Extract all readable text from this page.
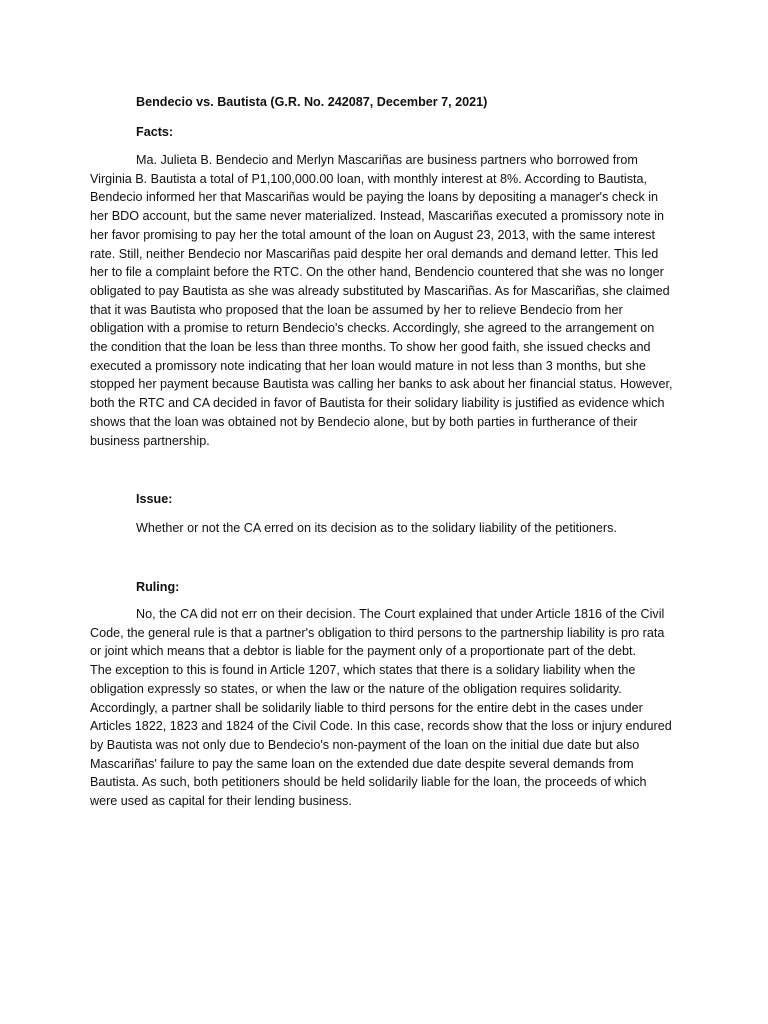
Bendecio vs. Bautista (G.R. No. 242087, December 7, 2021)

Facts:

Ma. Julieta B. Bendecio and Merlyn Mascariñas are business partners who borrowed from
Virginia B. Bautista a total of P1,100,000.00 loan, with monthly interest at 8%. According to Bautista,
Bendecio informed her that Mascariñas would be paying the loans by depositing a manager's check in
her BDO account, but the same never materialized. Instead, Mascariñas executed a promissory note in
her favor promising to pay her the total amount of the loan on August 23, 2013, with the same interest
rate. Still, neither Bendecio nor Mascariñas paid despite her oral demands and demand letter. This led
her to file a complaint before the RTC. On the other hand, Bendencio countered that she was no longer
obligated to pay Bautista as she was already substituted by Mascariñas. As for Mascariñas, she claimed
that it was Bautista who proposed that the loan be assumed by her to relieve Bendecio from her
obligation with a promise to return Bendecio's checks. Accordingly, she agreed to the arrangement on
the condition that the loan be less than three months. To show her good faith, she issued checks and
executed a promissory note indicating that her loan would mature in not less than 3 months, but she
stopped her payment because Bautista was calling her banks to ask about her financial status. However,
both the RTC and CA decided in favor of Bautista for their solidary liability is justified as evidence which
shows that the loan was obtained not by Bendecio alone, but by both parties in furtherance of their
business partnership.

Issue:

Whether or not the CA erred on its decision as to the solidary liability of the petitioners.

Ruling:

No, the CA did not err on their decision. The Court explained that under Article 1816 of the Civil
Code, the general rule is that a partner's obligation to third persons to the partnership liability is pro rata
or joint which means that a debtor is liable for the payment only of a proportionate part of the debt.
The exception to this is found in Article 1207, which states that there is a solidary liability when the
obligation expressly so states, or when the law or the nature of the obligation requires solidarity.
Accordingly, a partner shall be solidarily liable to third persons for the entire debt in the cases under
Articles 1822, 1823 and 1824 of the Civil Code. In this case, records show that the loss or injury endured
by Bautista was not only due to Bendecio's non-payment of the loan on the initial due date but also
Mascariñas' failure to pay the same loan on the extended due date despite several demands from
Bautista. As such, both petitioners should be held solidarily liable for the loan, the proceeds of which
were used as capital for their lending business.
